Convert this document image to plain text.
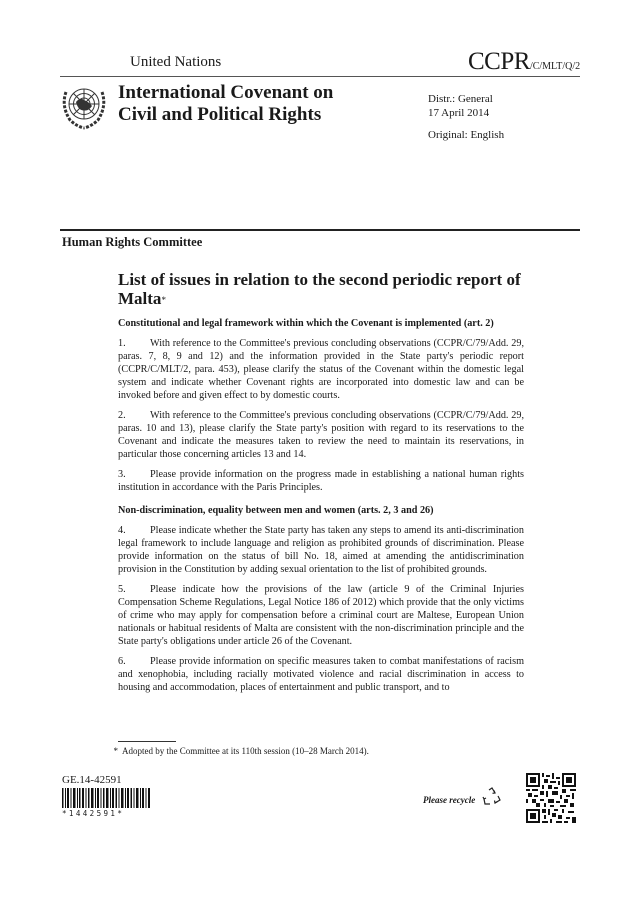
United Nations	CCPR/C/MLT/Q/2
International Covenant on
Civil and Political Rights
Distr.: General
17 April 2014
Original: English
Human Rights Committee
List of issues in relation to the second periodic report of Malta*
Constitutional and legal framework within which the Covenant is implemented (art. 2)

1. With reference to the Committee's previous concluding observations (CCPR/C/79/Add. 29, paras. 7, 8, 9 and 12) and the information provided in the State party's periodic report (CCPR/C/MLT/2, para. 453), please clarify the status of the Covenant within the domestic legal system and indicate whether Covenant rights are incorporated into domestic law and can be invoked before and given effect to by domestic courts.

2. With reference to the Committee's previous concluding observations (CCPR/C/79/Add. 29, paras. 10 and 13), please clarify the State party's position with regard to its reservations to the Covenant and indicate the measures taken to review the need to maintain its reservations, in particular those concerning articles 13 and 14.

3. Please provide information on the progress made in establishing a national human rights institution in accordance with the Paris Principles.

Non-discrimination, equality between men and women (arts. 2, 3 and 26)

4. Please indicate whether the State party has taken any steps to amend its anti-discrimination legal framework to include language and religion as prohibited grounds of discrimination. Please provide information on the status of bill No. 18, aimed at amending the antidiscrimination provision in the Constitution by adding sexual orientation to the list of prohibited grounds.

5. Please indicate how the provisions of the law (article 9 of the Criminal Injuries Compensation Scheme Regulations, Legal Notice 186 of 2012) which provide that the only victims of crime who may apply for compensation before a criminal court are Maltese, European Union nationals or habitual residents of Malta are consistent with the non-discrimination principle and the State party's obligations under article 26 of the Covenant.

6. Please provide information on specific measures taken to combat manifestations of racism and xenophobia, including racially motivated violence and racial discrimination in access to housing and accommodation, places of entertainment and public transport, and to

* Adopted by the Committee at its 110th session (10–28 March 2014).
GE.14-42591
*1442591*
Please recycle
